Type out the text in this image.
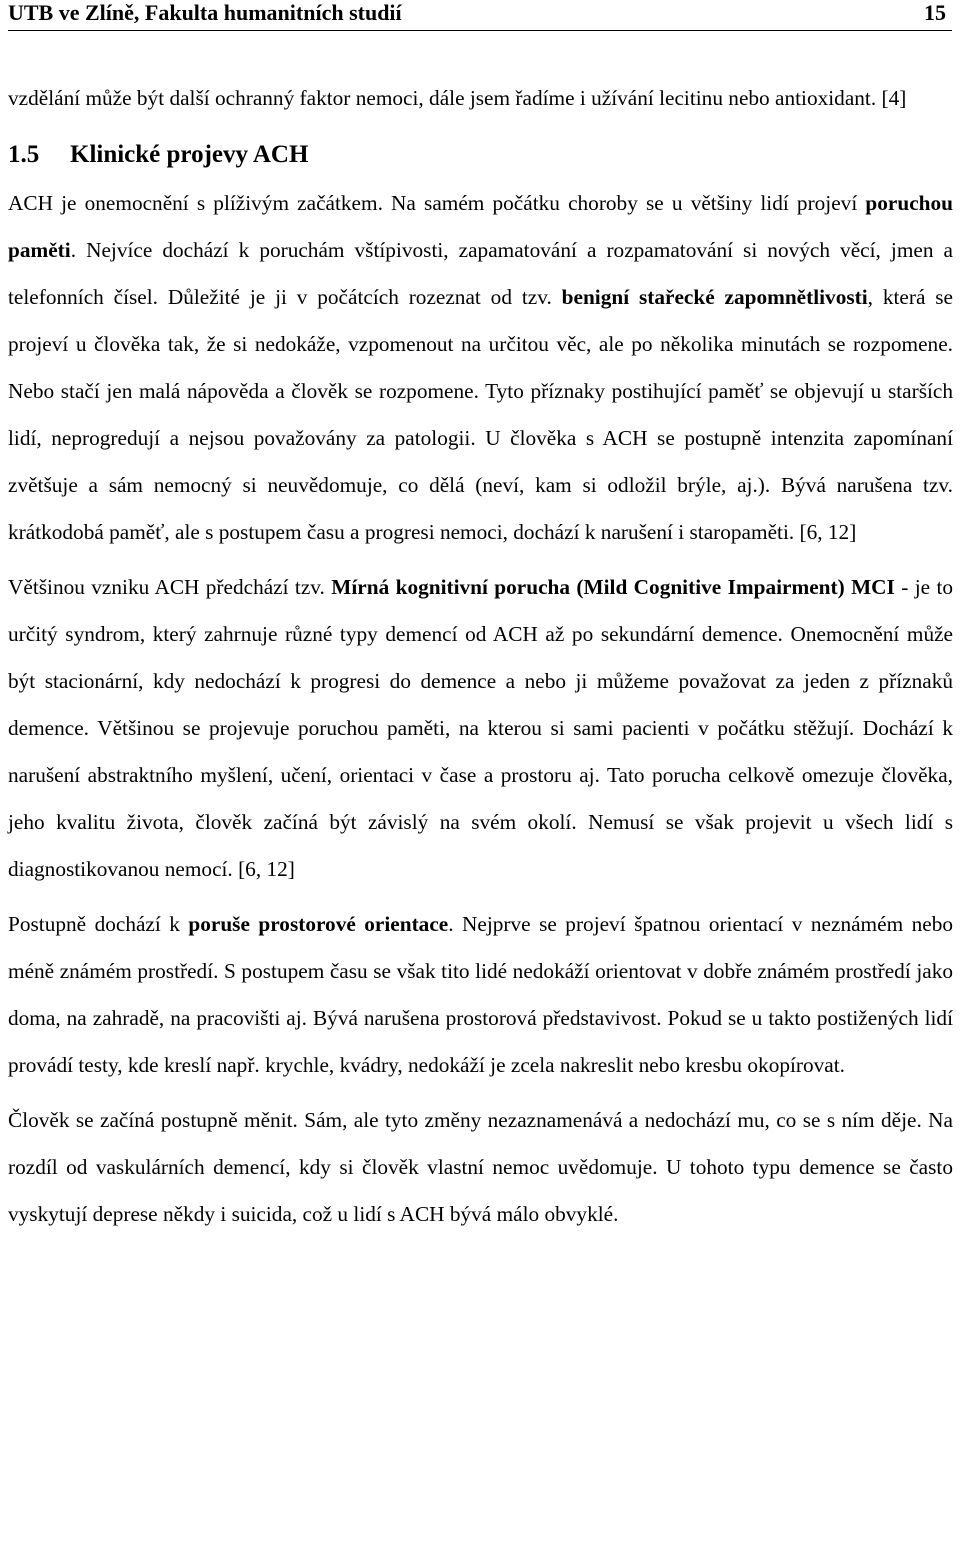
UTB ve Zlíně, Fakulta humanitních studií	15

vzdělání může být další ochranný faktor nemoci, dále jsem řadíme i užívání lecitinu nebo antioxidant. [4]

1.5 Klinické projevy ACH

ACH je onemocnění s plíživým začátkem. Na samém počátku choroby se u většiny lidí projeví poruchou paměti. Nejvíce dochází k poruchám vštípivosti, zapamatování a rozpamatování si nových věcí, jmen a telefonních čísel. Důležité je ji v počátcích rozeznat od tzv. benigní stařecké zapomnětlivosti, která se projeví u člověka tak, že si nedokáže, vzpomenout na určitou věc, ale po několika minutách se rozpomene. Nebo stačí jen malá nápověda a člověk se rozpomene. Tyto příznaky postihující paměť se objevují u starších lidí, neprogredují a nejsou považovány za patologii. U člověka s ACH se postupně intenzita zapomínaní zvětšuje a sám nemocný si neuvědomuje, co dělá (neví, kam si odložil brýle, aj.). Bývá narušena tzv. krátkodobá paměť, ale s postupem času a progresi nemoci, dochází k narušení i staropaměti. [6, 12]

Většinou vzniku ACH předchází tzv. Mírná kognitivní porucha (Mild Cognitive Impairment) MCI - je to určitý syndrom, který zahrnuje různé typy demencí od ACH až po sekundární demence. Onemocnění může být stacionární, kdy nedochází k progresi do demence a nebo ji můžeme považovat za jeden z příznaků demence. Většinou se projevuje poruchou paměti, na kterou si sami pacienti v počátku stěžují. Dochází k narušení abstraktního myšlení, učení, orientaci v čase a prostoru aj. Tato porucha celkově omezuje člověka, jeho kvalitu života, člověk začíná být závislý na svém okolí. Nemusí se však projevit u všech lidí s diagnostikovanou nemocí. [6, 12]

Postupně dochází k poruše prostorové orientace. Nejprve se projeví špatnou orientací v neznámém nebo méně známém prostředí. S postupem času se však tito lidé nedokáží orientovat v dobře známém prostředí jako doma, na zahradě, na pracovišti aj. Bývá narušena prostorová představivost. Pokud se u takto postižených lidí provádí testy, kde kreslí např. krychle, kvádry, nedokáží je zcela nakreslit nebo kresbu okopírovat.

Člověk se začíná postupně měnit. Sám, ale tyto změny nezaznamenává a nedochází mu, co se s ním děje. Na rozdíl od vaskulárních demencí, kdy si člověk vlastní nemoc uvědomuje. U tohoto typu demence se často vyskytují deprese někdy i suicida, což u lidí s ACH bývá málo obvyklé.
